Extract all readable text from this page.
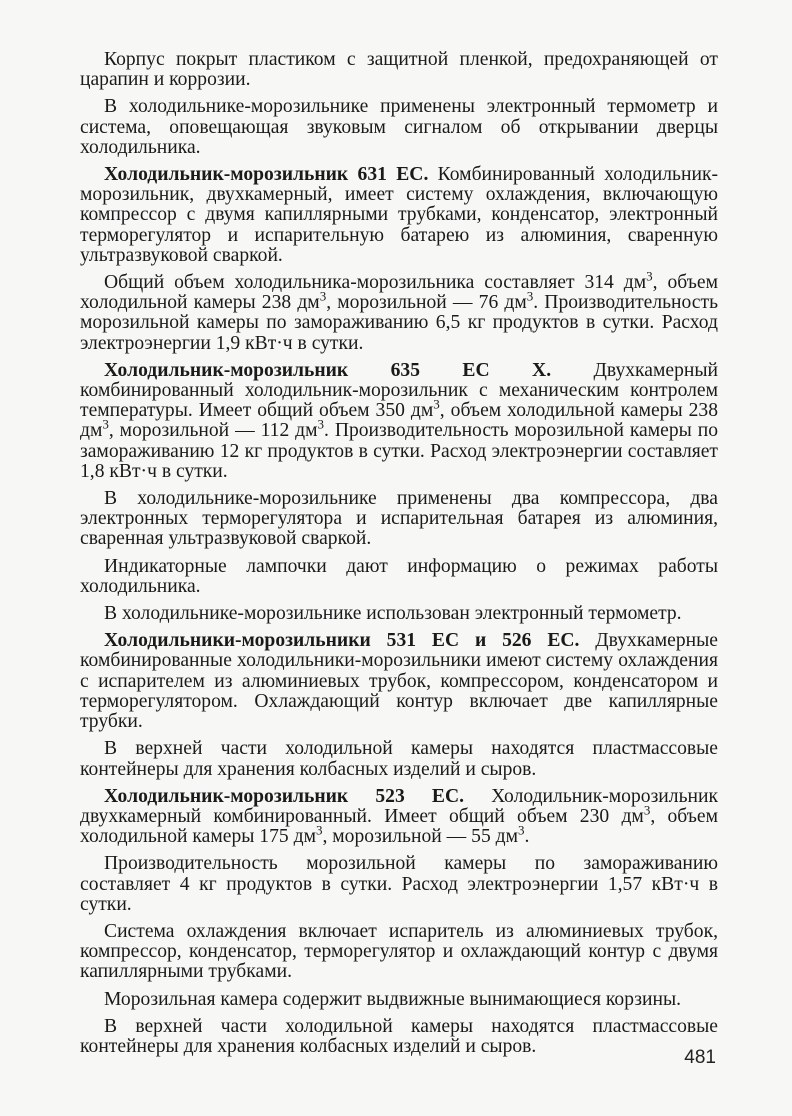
Корпус покрыт пластиком с защитной пленкой, предохраняющей от царапин и коррозии.

В холодильнике-морозильнике применены электронный термометр и система, оповещающая звуковым сигналом об открывании дверцы холодильника.

Холодильник-морозильник 631 ЕС. Комбинированный холодильник-морозильник, двухкамерный, имеет систему охлаждения, включающую компрессор с двумя капиллярными трубками, конденсатор, электронный терморегулятор и испарительную батарею из алюминия, сваренную ультразвуковой сваркой.

Общий объем холодильника-морозильника составляет 314 $дм^3$, объем холодильной камеры 238 $дм^3$, морозильной — 76 $дм^3$. Производительность морозильной камеры по замораживанию 6,5 кг продуктов в сутки. Расход электроэнергии 1,9 кВт·ч в сутки.

Холодильник-морозильник 635 ЕС X. Двухкамерный комбинированный холодильник-морозильник с механическим контролем температуры. Имеет общий объем 350 $дм^3$, объем холодильной камеры 238 $дм^3$, морозильной — 112 $дм^3$. Производительность морозильной камеры по замораживанию 12 кг продуктов в сутки. Расход электроэнергии составляет 1,8 кВт·ч в сутки.

В холодильнике-морозильнике применены два компрессора, два электронных терморегулятора и испарительная батарея из алюминия, сваренная ультразвуковой сваркой.

Индикаторные лампочки дают информацию о режимах работы холодильника.

В холодильнике-морозильнике использован электронный термометр.

Холодильники-морозильники 531 ЕС и 526 ЕС. Двухкамерные комбинированные холодильники-морозильники имеют систему охлаждения с испарителем из алюминиевых трубок, компрессором, конденсатором и терморегулятором. Охлаждающий контур включает две капиллярные трубки.

В верхней части холодильной камеры находятся пластмассовые контейнеры для хранения колбасных изделий и сыров.

Холодильник-морозильник 523 ЕС. Холодильник-морозильник двухкамерный комбинированный. Имеет общий объем 230 $дм^3$, объем холодильной камеры 175 $дм^3$, морозильной — 55 $дм^3$.

Производительность морозильной камеры по замораживанию составляет 4 кг продуктов в сутки. Расход электроэнергии 1,57 кВт·ч в сутки.

Система охлаждения включает испаритель из алюминиевых трубок, компрессор, конденсатор, терморегулятор и охлаждающий контур с двумя капиллярными трубками.

Морозильная камера содержит выдвижные вынимающиеся корзины.

В верхней части холодильной камеры находятся пластмассовые контейнеры для хранения колбасных изделий и сыров.

481
